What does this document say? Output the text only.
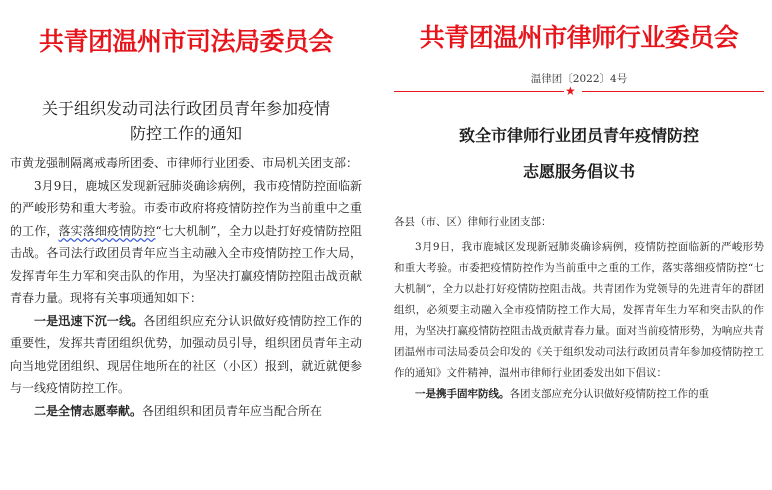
共青团温州市司法局委员会
关于组织发动司法行政团员青年参加疫情
防控工作的通知

市黄龙强制隔离戒毒所团委、市律师行业团委、市局机关团支部：

3月9日，鹿城区发现新冠肺炎确诊病例，我市疫情防控面临新的严峻形势和重大考验。市委市政府将疫情防控作为当前重中之重的工作，落实落细疫情防控“七大机制”，全力以赴打好疫情防控阻击战。各司法行政团员青年应当主动融入全市疫情防控工作大局，发挥青年生力军和突击队的作用，为坚决打赢疫情防控阻击战贡献青春力量。现将有关事项通知如下：

一是迅速下沉一线。各团组织应充分认识做好疫情防控工作的重要性，发挥共青团组织优势，加强动员引导，组织团员青年主动向当地党团组织、现居住地所在的社区（小区）报到，就近就便参与一线疫情防控工作。

二是全情志愿奉献。各团组织和团员青年应当配合所在

共青团温州市律师行业委员会
温律团〔2022〕4号
★
致全市律师行业团员青年疫情防控
志愿服务倡议书

各县（市、区）律师行业团支部：

3月9日，我市鹿城区发现新冠肺炎确诊病例，疫情防控面临新的严峻形势和重大考验。市委把疫情防控作为当前重中之重的工作，落实落细疫情防控“七大机制”，全力以赴打好疫情防控阻击战。共青团作为党领导的先进青年的群团组织，必须要主动融入全市疫情防控工作大局，发挥青年生力军和突击队的作用，为坚决打赢疫情防控阻击战贡献青春力量。面对当前疫情形势，为响应共青团温州市司法局委员会印发的《关于组织发动司法行政团员青年参加疫情防控工作的通知》文件精神，温州市律师行业团委发出如下倡议：

一是携手固牢防线。各团支部应充分认识做好疫情防控工作的重
